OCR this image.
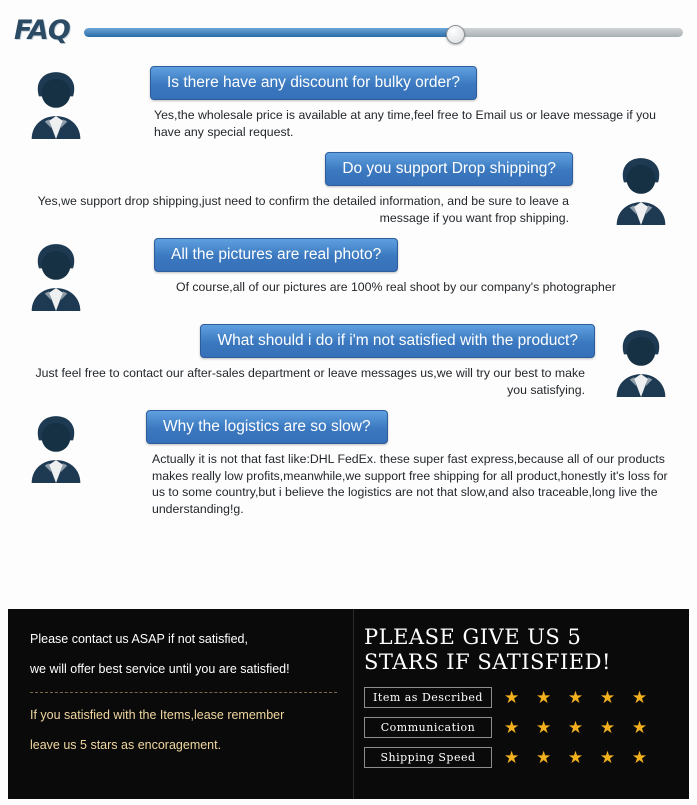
FAQ
Is there have any discount for bulky order?
Yes,the wholesale price is available at any time,feel free to Email us or leave message if you have any special request.
Do you support Drop shipping?
Yes,we support drop shipping,just need to confirm the detailed information, and be sure to leave a message if you want frop shipping.
All the pictures are real photo?
Of course,all of our pictures are 100% real shoot by our company's photographer
What should i do if i'm not satisfied with the product?
Just feel free to contact our after-sales department or leave messages us,we will try our best to make you satisfying.
Why the logistics are so slow?
Actually it is not that fast like:DHL FedEx. these super fast express,because all of our products makes really low profits,meanwhile,we support free shipping for all product,honestly it's loss for us to some country,but i believe the logistics are not that slow,and also traceable,long live the understanding!g.

Please contact us ASAP if not satisfied,

we will offer best service until you are satisfied!

If you satisfied with the Items,lease remember

leave us 5 stars as encoragement.

PLEASE GIVE US 5
STARS IF SATISFIED!
Item as Described	★ ★ ★ ★ ★
Communication	★ ★ ★ ★ ★
Shipping Speed	★ ★ ★ ★ ★
